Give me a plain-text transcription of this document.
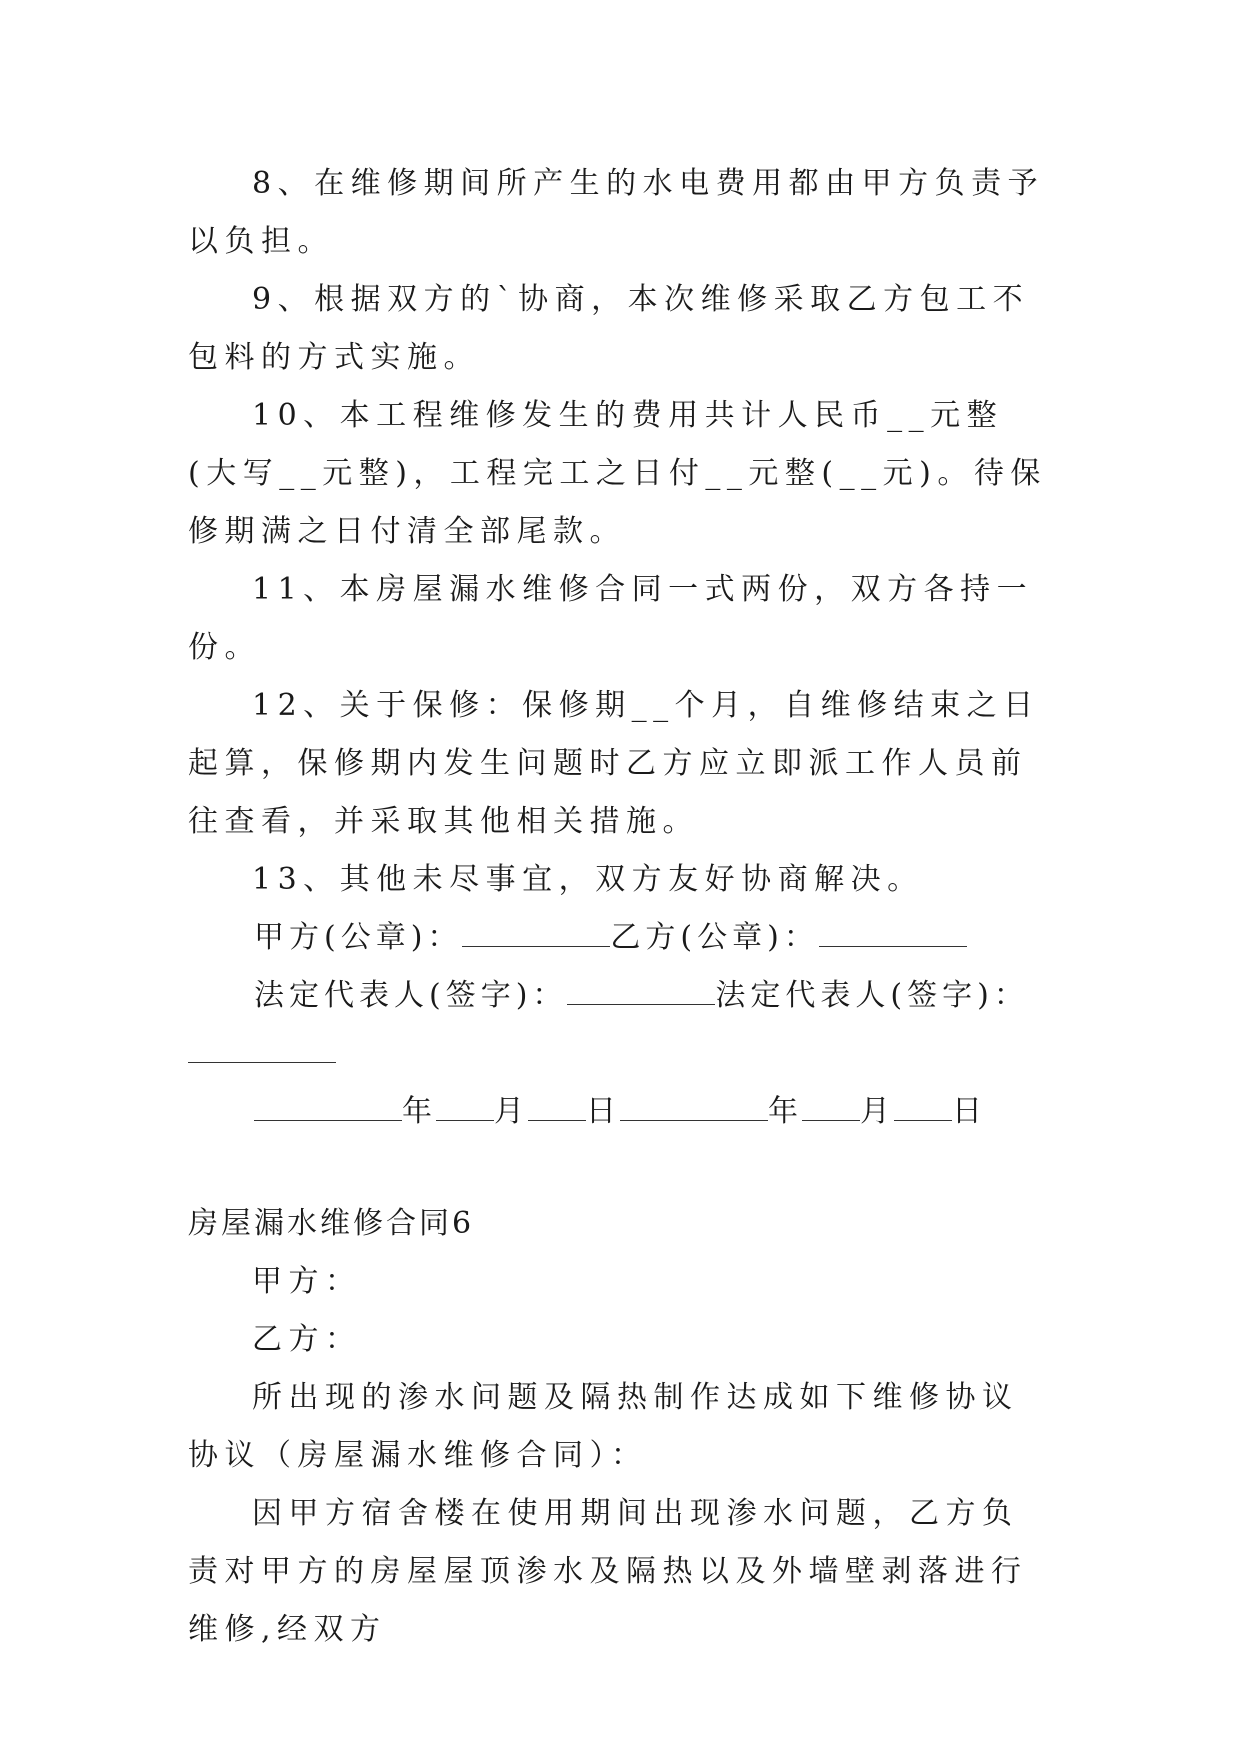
8、在维修期间所产生的水电费用都由甲方负责予以负担。

9、根据双方的`协商，本次维修采取乙方包工不包料的方式实施。

10、本工程维修发生的费用共计人民币__元整(大写__元整)，工程完工之日付__元整(__元)。待保修期满之日付清全部尾款。

11、本房屋漏水维修合同一式两份，双方各持一份。

12、关于保修：保修期__个月，自维修结束之日起算，保修期内发生问题时乙方应立即派工作人员前往查看，并采取其他相关措施。

13、其他未尽事宜，双方友好协商解决。

甲方(公章)：	乙方(公章)：

法定代表人(签字)：	法定代表人(签字)：

年 月 日	年 月 日

房屋漏水维修合同6

甲方：

乙方：

所出现的渗水问题及隔热制作达成如下维修协议协议（房屋漏水维修合同）：

因甲方宿舍楼在使用期间出现渗水问题，乙方负责对甲方的房屋屋顶渗水及隔热以及外墙壁剥落进行维修,经双方
